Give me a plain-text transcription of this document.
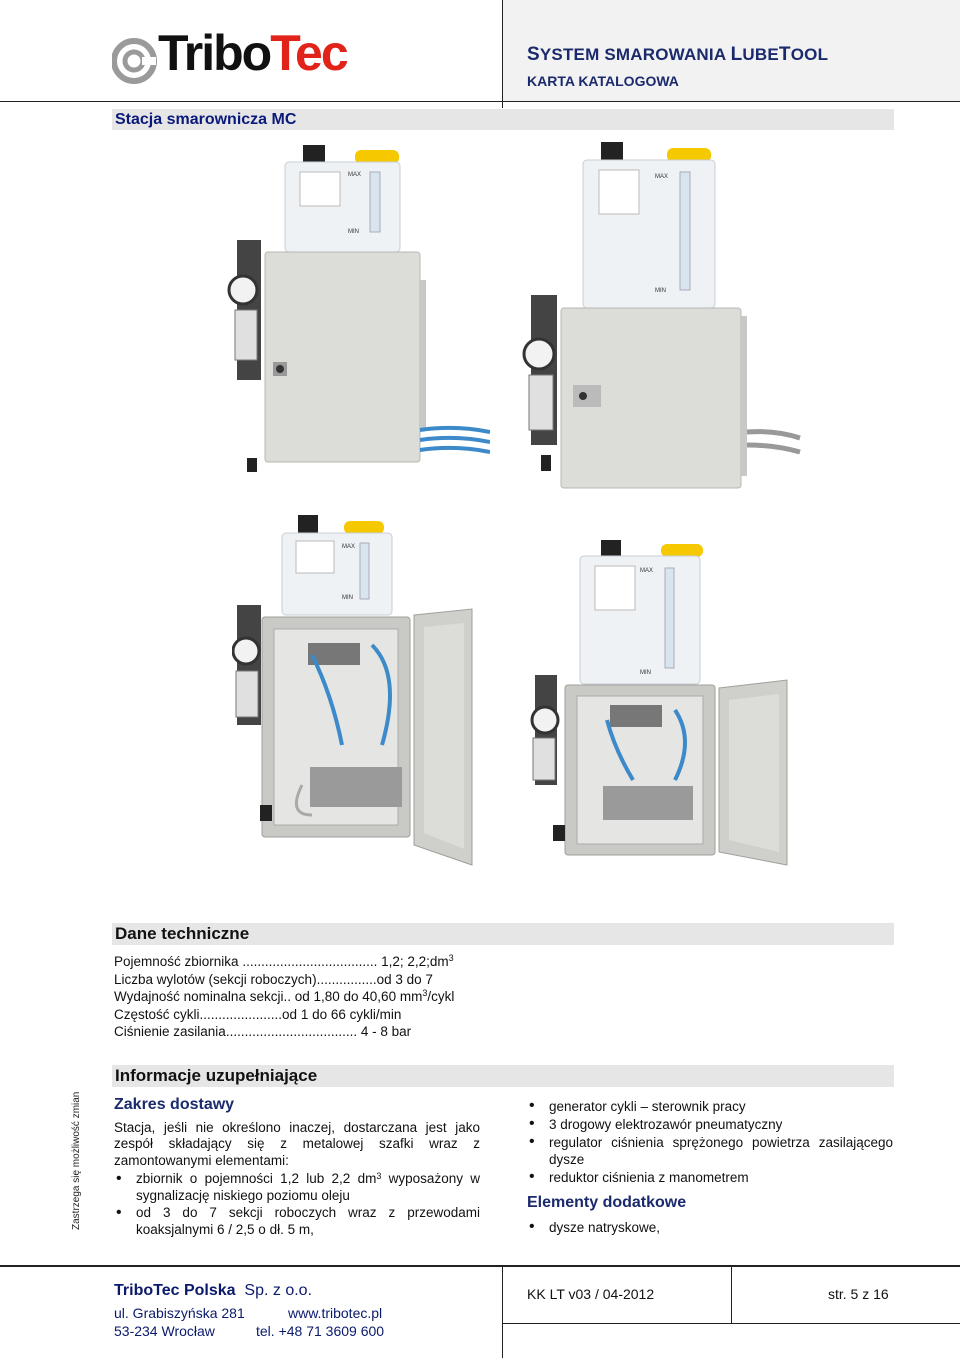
TriboTec	SYSTEM SMAROWANIA LUBETOOL
KARTA KATALOGOWA
Stacja smarownicza MC
MAX
MIN
MAX
MIN
MAX
MIN
MAX
MIN
Dane techniczne
Pojemność zbiornika .................................... 1,2; $2,2;dm^3$
Liczba wylotów (sekcji roboczych)................od 3 do 7
Wydajność nominalna sekcji.. od 1,80 do 40,60 $mm^3$/cykl
Częstość cykli......................od 1 do 66 cykli/min
Ciśnienie zasilania................................... 4 - 8 bar
Informacje uzupełniające
Zastrzega się możliwość zmian Zakres dostawy

Stacja, jeśli nie określono inaczej, dostarczana jest jako zespół składający się z metalowej szafki wraz z zamontowanymi elementami:

• zbiornik o pojemności 1,2 lub 2,2 $dm^3$ wyposażony w sygnalizację niskiego poziomu oleju
• od 3 do 7 sekcji roboczych wraz z przewodami koaksjalnymi 6 / 2,5 o dł. 5 m,
• generator cykli – sterownik pracy
• 3 drogowy elektrozawór pneumatyczny
• regulator ciśnienia sprężonego powietrza zasilającego dysze
• reduktor ciśnienia z manometrem
Elementy dodatkowe
• dysze natryskowe,
TriboTec Polska Sp. z o.o.
ul. Grabiszyńska 281	www.tribotec.pl
53-234 Wrocław	tel. +48 71 3609 600
KK LT v03 / 04-2012	str. 5 z 16
